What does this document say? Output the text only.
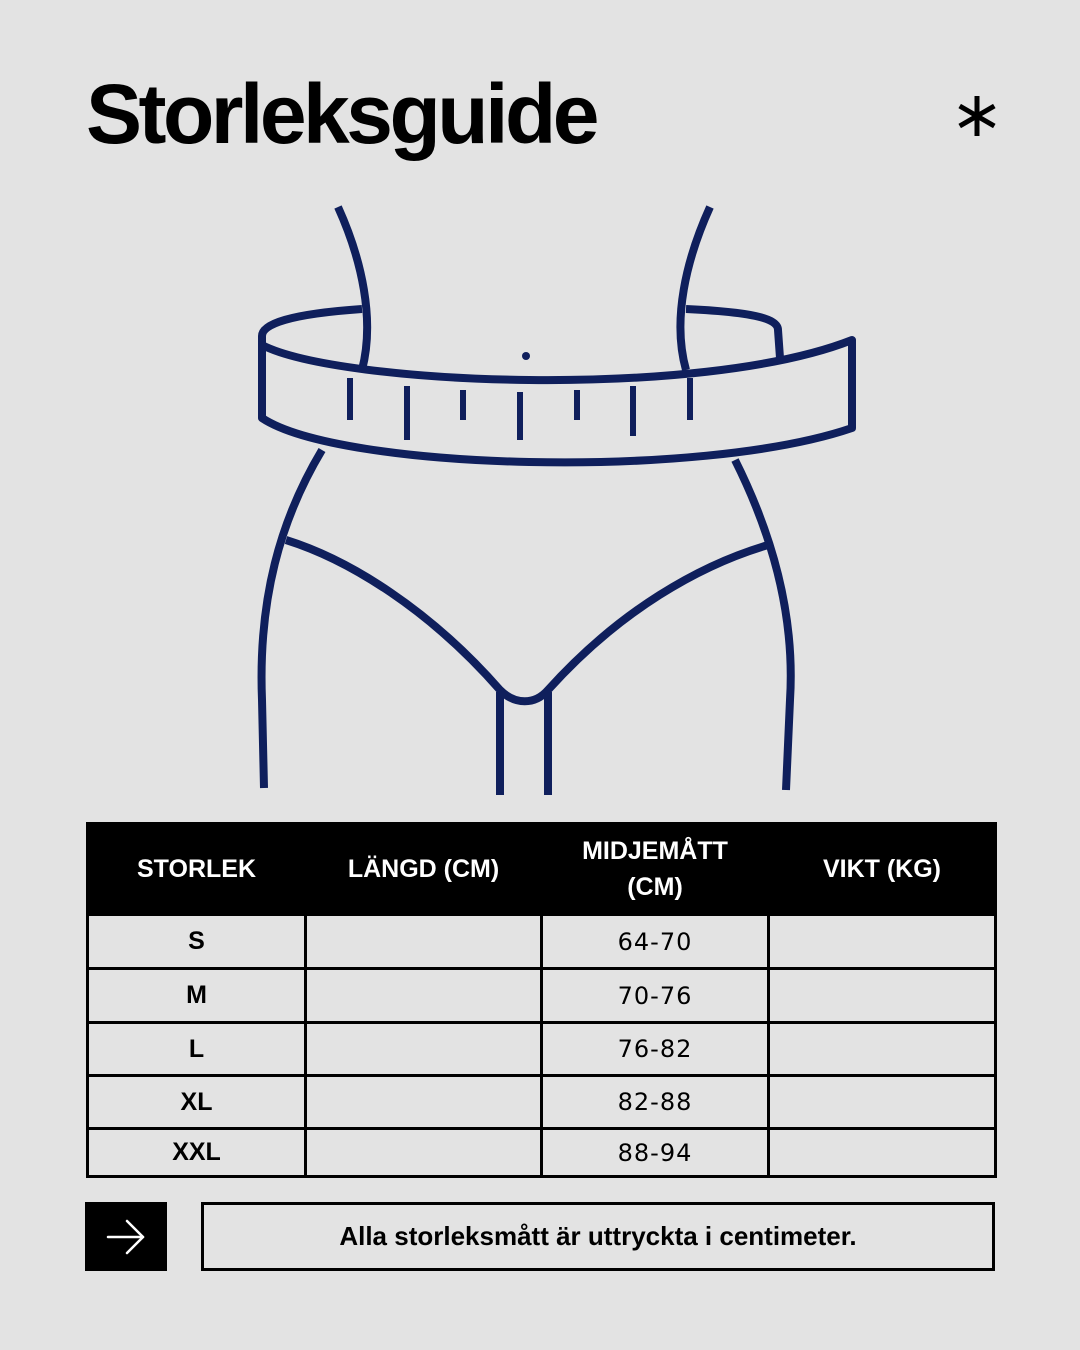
Storleksguide
STORLEK	LÄNGD (CM)	MIDJEMÅTT (CM)	VIKT (KG)
S		64-70	
M		70-76	
L		76-82	
XL		82-88	
XXL		88-94	
Alla storleksmått är uttryckta i centimeter.
